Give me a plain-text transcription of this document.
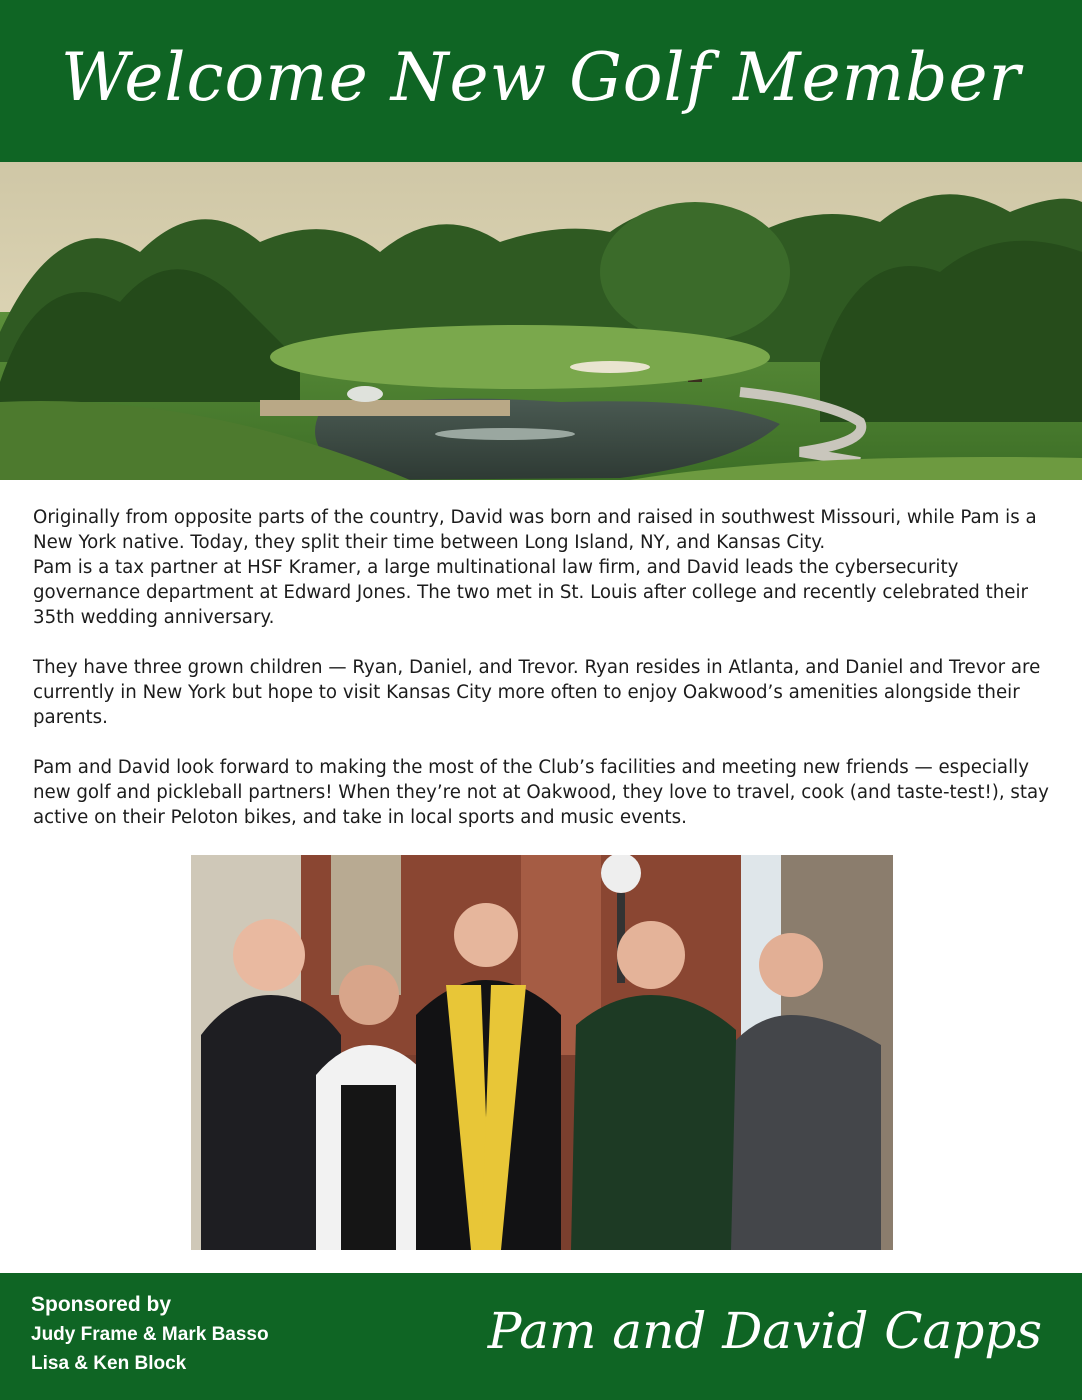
Welcome New Golf Member

Originally from opposite parts of the country, David was born and raised in southwest Missouri, while Pam is a New York native. Today, they split their time between Long Island, NY, and Kansas City.

Pam is a tax partner at HSF Kramer, a large multinational law firm, and David leads the cybersecurity governance department at Edward Jones. The two met in St. Louis after college and recently celebrated their 35th wedding anniversary.

They have three grown children — Ryan, Daniel, and Trevor. Ryan resides in Atlanta, and Daniel and Trevor are currently in New York but hope to visit Kansas City more often to enjoy Oakwood’s amenities alongside their parents.

Pam and David look forward to making the most of the Club’s facilities and meeting new friends — especially new golf and pickleball partners! When they’re not at Oakwood, they love to travel, cook (and taste-test!), stay active on their Peloton bikes, and take in local sports and music events.

Sponsored by
Judy Frame & Mark Basso
Lisa & Ken Block
Pam and David Capps
